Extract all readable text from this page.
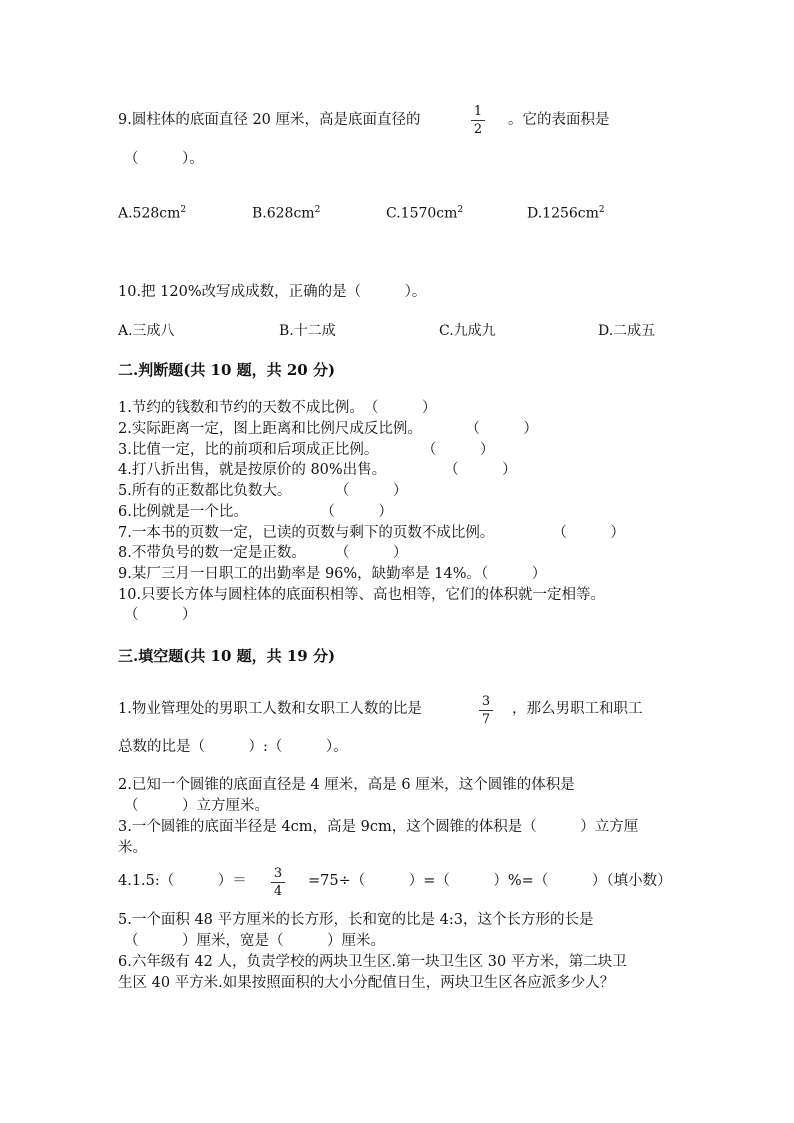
9.圆柱体的底面直径 20 厘米，高是底面直径的
1
2
。它的表面积是
（　　　）。
$A.528cm^2$	$B.628cm^2$	$C.1570cm^2$	$D.1256cm^2$
10.把 120%改写成成数，正确的是（　　　）。
A.三成八	B.十二成	C.九成九	D.二成五
二.判断题(共 10 题，共 20 分)
1.节约的钱数和节约的天数不成比例。　（　　　）
2.实际距离一定，图上距离和比例尺成反比例。　　　　（　　　）
3.比值一定，比的前项和后项成正比例。　　　　（　　　）
4.打八折出售，就是按原价的 80%出售。　　　　　（　　　）
5.所有的正数都比负数大。　　　　（　　　）
6.比例就是一个比。　　　　　　（　　　）
7.一本书的页数一定，已读的页数与剩下的页数不成比例。　　　　　（　　　）
8.不带负号的数一定是正数。　　　（　　　）
9.某厂三月一日职工的出勤率是 96%，缺勤率是 14%。（　　　）
10.只要长方体与圆柱体的底面积相等、高也相等，它们的体积就一定相等。
（　　　）
三.填空题(共 10 题，共 19 分)
1.物业管理处的男职工人数和女职工人数的比是	3
7
，那么男职工和职工
总数的比是（　　　）:（　　　）。
2.已知一个圆锥的底面直径是 4 厘米，高是 6 厘米，这个圆锥的体积是
（　　　）立方厘米。
3.一个圆锥的底面半径是 4cm，高是 9cm，这个圆锥的体积是（　　　）立方厘
米。
4.1.5:（　　　）＝	3
4
=75÷（　　　）=（　　　）%=（　　　）（填小数）
5.一个面积 48 平方厘米的长方形，长和宽的比是 4:3，这个长方形的长是
（　　　）厘米，宽是（　　　）厘米。
6.六年级有 42 人，负责学校的两块卫生区.第一块卫生区 30 平方米，第二块卫
生区 40 平方米.如果按照面积的大小分配值日生，两块卫生区各应派多少人？
